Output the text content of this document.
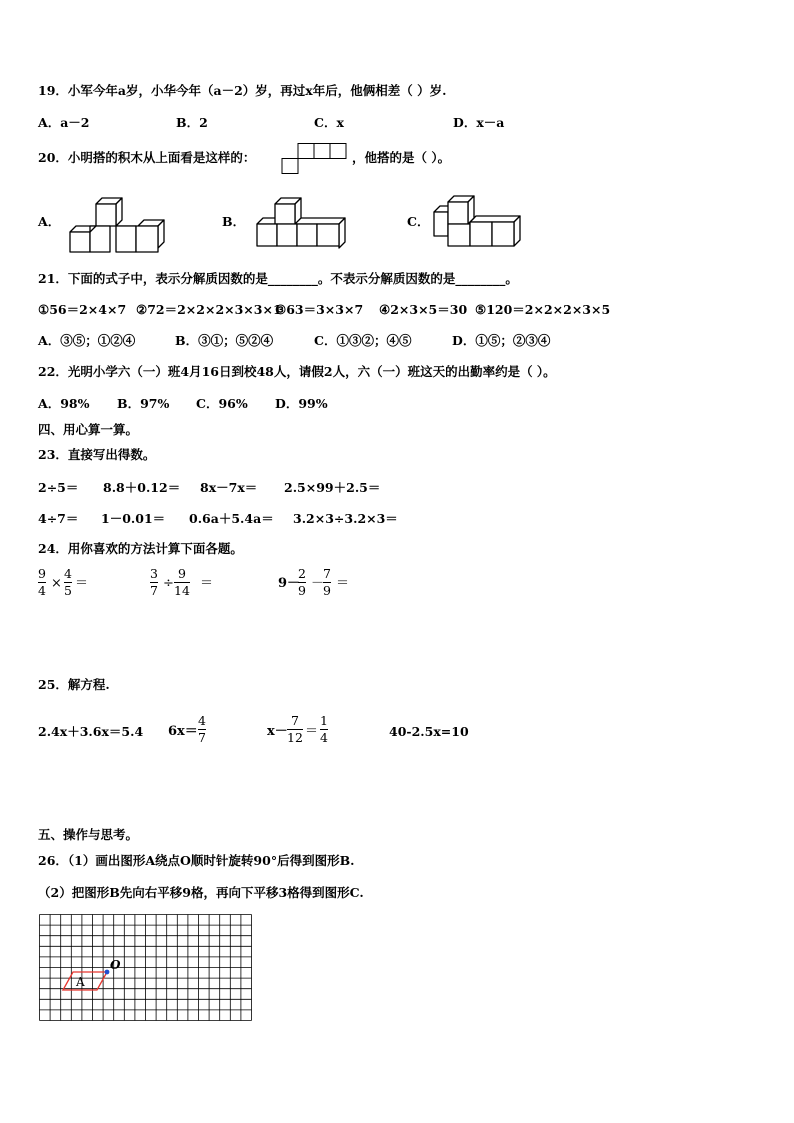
19．小军今年a岁，小华今年（a－2）岁，再过x年后，他俩相差（ ）岁.
A．a－2	B．2	C．x	D．x－a
20．小明搭的积木从上面看是这样的：	，他搭的是（ ）。
A．	B．	C．
21．下面的式子中，表示分解质因数的是________。不表示分解质因数的是________。
①56＝2×4×7 ②72＝2×2×2×3×3×1
③63＝3×3×7 ④2×3×5＝30 ⑤120＝2×2×2×3×5
A．③⑤；①②④	B．③①；⑤②④	C．①③②；④⑤	D．①⑤；②③④
22．光明小学六（一）班4月16日到校48人，请假2人，六（一）班这天的出勤率约是（ ）。
A．98% B．97% C．96% D．99%
四、用心算一算。
23．直接写出得数。
2÷5＝ 8.8＋0.12＝ 8x－7x＝ 2.5×99＋2.5＝
4÷7＝ 1－0.01＝ 0.6a＋5.4a＝ 3.2×3÷3.2×3＝
24．用你喜欢的方法计算下面各题。
9
4 ×
4
5 ＝
3
7 ÷
9
14 ＝	9－
2
9 －
7
9 ＝
25．解方程.
2.4x＋3.6x＝5.4 6x＝
4
7	x－
7
12 ＝
1
4	40-2.5x=10
五、操作与思考。
26．（1）画出图形A绕点O顺时针旋转90°后得到图形B.
（2）把图形B先向右平移9格，再向下平移3格得到图形C.
O
A
